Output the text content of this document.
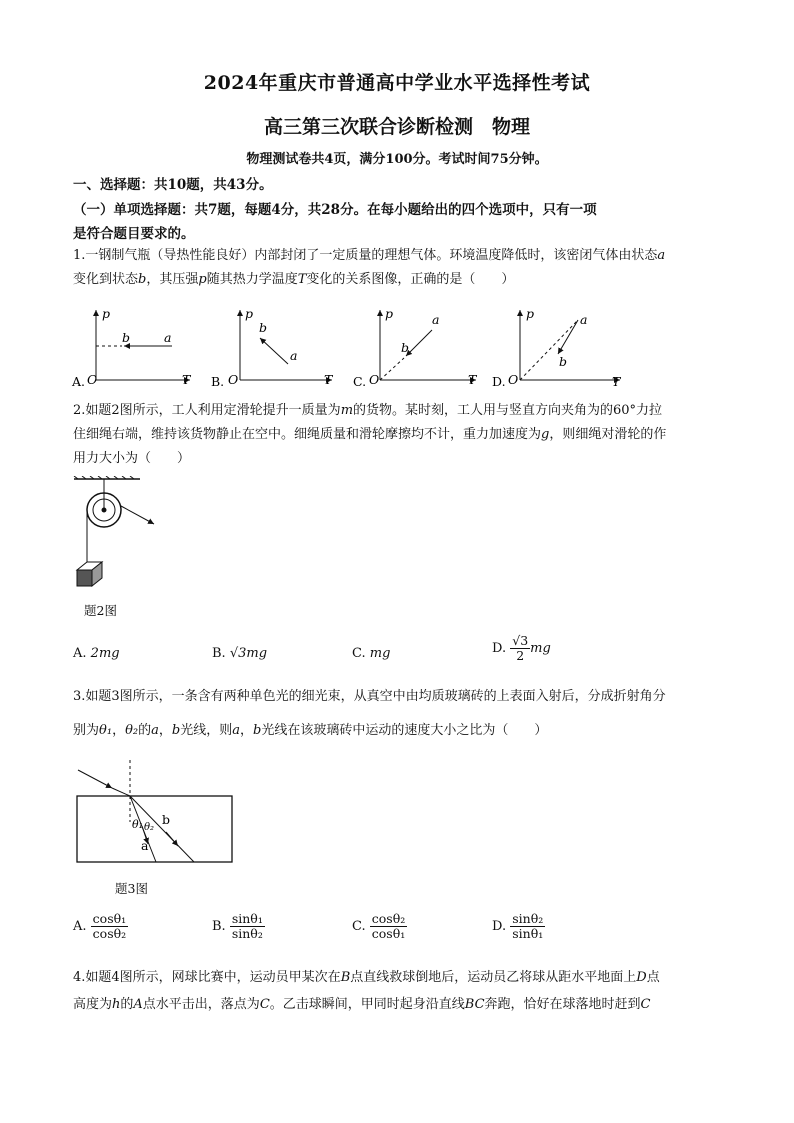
2024年重庆市普通高中学业水平选择性考试
高三第三次联合诊断检测　物理
物理测试卷共4页，满分100分。考试时间75分钟。
一、选择题：共10题，共43分。
（一）单项选择题：共7题，每题4分，共28分。在每小题给出的四个选项中，只有一项
是符合题目要求的。
1.一钢制气瓶（导热性能良好）内部封闭了一定质量的理想气体。环境温度降低时，该密闭气体由状态a
变化到状态b，其压强p随其热力学温度T变化的关系图像，正确的是（　　）
A. O
p
T
b	a
B. O
p
T
b
a
C. O
p
T
b
a
D. O
p
T
b
a
2.如题2图所示，工人利用定滑轮提升一质量为m的货物。某时刻，工人用与竖直方向夹角为的60°力拉
住细绳右端，维持该货物静止在空中。细绳质量和滑轮摩擦均不计，重力加速度为g，则细绳对滑轮的作
用力大小为（　　）
题2图
A. 2mg	B. √3mg	C. mg	D. $\frac{√3}{2}$ mg
3.如题3图所示，一条含有两种单色光的细光束，从真空中由均质玻璃砖的上表面入射后，分成折射角分
别为θ₁，θ₂的a，b光线，则a，b光线在该玻璃砖中运动的速度大小之比为（　　）
θ₁ θ₂
b
a
题3图
A. $\frac{\text{cosθ₁}}{\text{cosθ₂}}$	B. $\frac{\text{sinθ₁}}{\text{sinθ₂}}$	C. $\frac{\text{cosθ₂}}{\text{cosθ₁}}$	D. $\frac{\text{sinθ₂}}{\text{sinθ₁}}$
4.如题4图所示，网球比赛中，运动员甲某次在B点直线救球倒地后，运动员乙将球从距水平地面上D点
高度为h的A点水平击出，落点为C。乙击球瞬间，甲同时起身沿直线BC奔跑，恰好在球落地时赶到C
